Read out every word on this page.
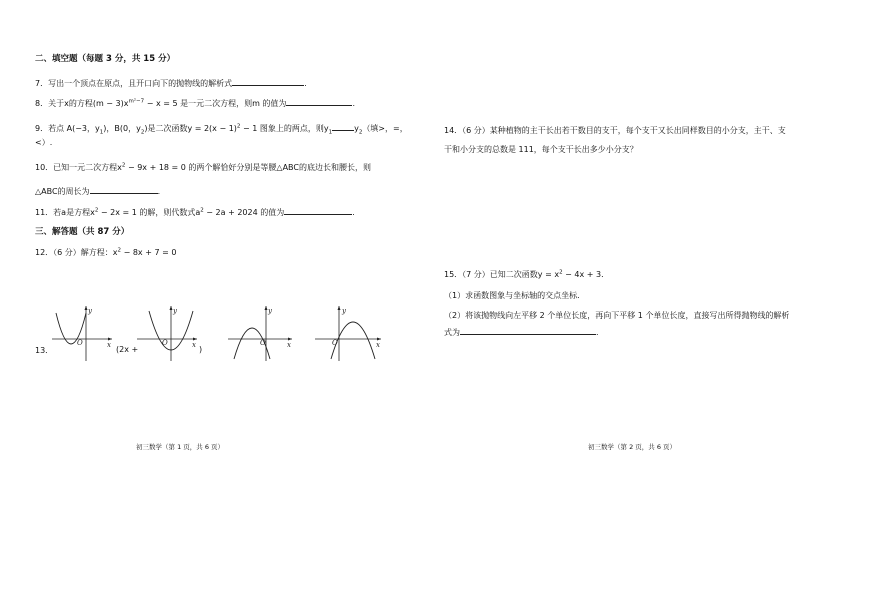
二、填空题（每题 3 分，共 15 分）
7．写出一个顶点在原点，且开口向下的抛物线的解析式	.
8．关于x的方程$(m - 3)x^{m^2-7} - x = 5$ 是一元二次方程，则m 的值为	.
9．若点 A(−3，$y_1$)，B(0，$y_2$)是二次函数$y = 2(x - 1)^2 - 1$ 图象上的两点，则$y_1$	$y_2$（填>，=，
<）.
10．已知一元二次方程$x^2 - 9x + 18 = 0$ 的两个解恰好分别是等腰△ABC的底边长和腰长，则
△ABC的周长为	.
11．若a是方程$x^2 - 2x = 1$ 的解，则代数式$a^2 - 2a + 2024$ 的值为	.
三、解答题（共 87 分）
12．（6 分）解方程：$x^2 - 8x + 7 = 0$
13．	(2x +	)
y
x
O
y
x
O
y
x
O
y
x
O
初三数学（第 1 页，共 6 页）
14．（6 分）某种植物的主干长出若干数目的支干，每个支干又长出同样数目的小分支，主干、支
干和小分支的总数是 111，每个支干长出多少小分支？
15．（7 分）已知二次函数$y = x^2 - 4x + 3$．
（1）求函数图象与坐标轴的交点坐标．
（2）将该抛物线向左平移 2 个单位长度，再向下平移 1 个单位长度，直接写出所得抛物线的解析
式为	.
初三数学（第 2 页，共 6 页）
